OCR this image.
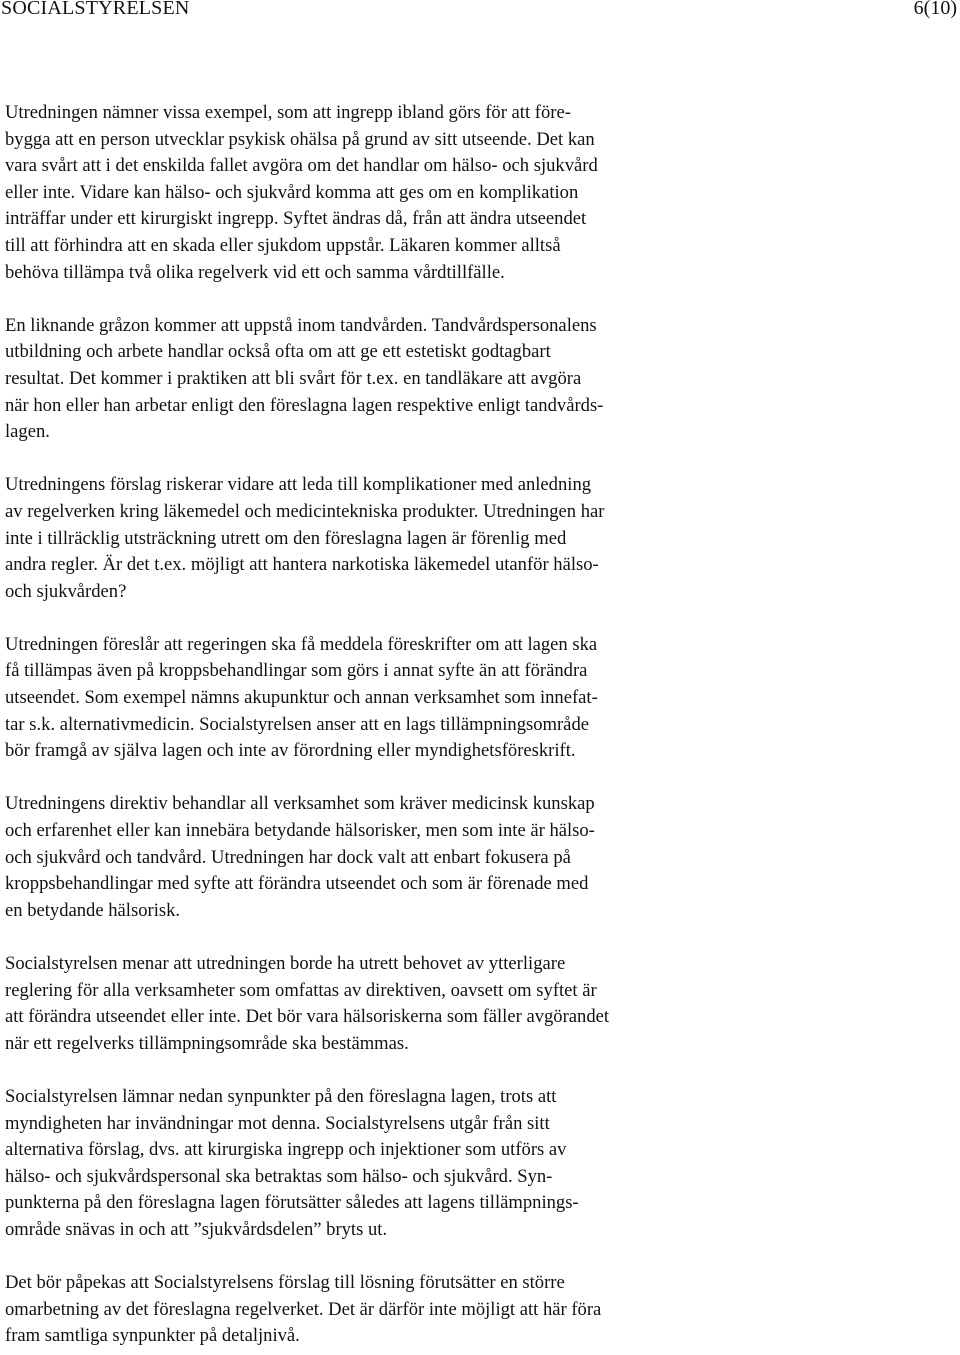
SOCIALSTYRELSEN	6(10)

Utredningen nämner vissa exempel, som att ingrepp ibland görs för att före-
bygga att en person utvecklar psykisk ohälsa på grund av sitt utseende. Det kan
vara svårt att i det enskilda fallet avgöra om det handlar om hälso- och sjukvård
eller inte. Vidare kan hälso- och sjukvård komma att ges om en komplikation
inträffar under ett kirurgiskt ingrepp. Syftet ändras då, från att ändra utseendet
till att förhindra att en skada eller sjukdom uppstår. Läkaren kommer alltså
behöva tillämpa två olika regelverk vid ett och samma vårdtillfälle.

En liknande gråzon kommer att uppstå inom tandvården. Tandvårdspersonalens
utbildning och arbete handlar också ofta om att ge ett estetiskt godtagbart
resultat. Det kommer i praktiken att bli svårt för t.ex. en tandläkare att avgöra
när hon eller han arbetar enligt den föreslagna lagen respektive enligt tandvårds-
lagen.

Utredningens förslag riskerar vidare att leda till komplikationer med anledning
av regelverken kring läkemedel och medicintekniska produkter. Utredningen har
inte i tillräcklig utsträckning utrett om den föreslagna lagen är förenlig med
andra regler. Är det t.ex. möjligt att hantera narkotiska läkemedel utanför hälso-
och sjukvården?

Utredningen föreslår att regeringen ska få meddela föreskrifter om att lagen ska
få tillämpas även på kroppsbehandlingar som görs i annat syfte än att förändra
utseendet. Som exempel nämns akupunktur och annan verksamhet som innefat-
tar s.k. alternativmedicin. Socialstyrelsen anser att en lags tillämpningsområde
bör framgå av själva lagen och inte av förordning eller myndighetsföreskrift.

Utredningens direktiv behandlar all verksamhet som kräver medicinsk kunskap
och erfarenhet eller kan innebära betydande hälsorisker, men som inte är hälso-
och sjukvård och tandvård. Utredningen har dock valt att enbart fokusera på
kroppsbehandlingar med syfte att förändra utseendet och som är förenade med
en betydande hälsorisk.

Socialstyrelsen menar att utredningen borde ha utrett behovet av ytterligare
reglering för alla verksamheter som omfattas av direktiven, oavsett om syftet är
att förändra utseendet eller inte. Det bör vara hälsoriskerna som fäller avgörandet
när ett regelverks tillämpningsområde ska bestämmas.

Socialstyrelsen lämnar nedan synpunkter på den föreslagna lagen, trots att
myndigheten har invändningar mot denna. Socialstyrelsens utgår från sitt
alternativa förslag, dvs. att kirurgiska ingrepp och injektioner som utförs av
hälso- och sjukvårdspersonal ska betraktas som hälso- och sjukvård. Syn-
punkterna på den föreslagna lagen förutsätter således att lagens tillämpnings-
område snävas in och att ”sjukvårdsdelen” bryts ut.

Det bör påpekas att Socialstyrelsens förslag till lösning förutsätter en större
omarbetning av det föreslagna regelverket. Det är därför inte möjligt att här föra
fram samtliga synpunkter på detaljnivå.
